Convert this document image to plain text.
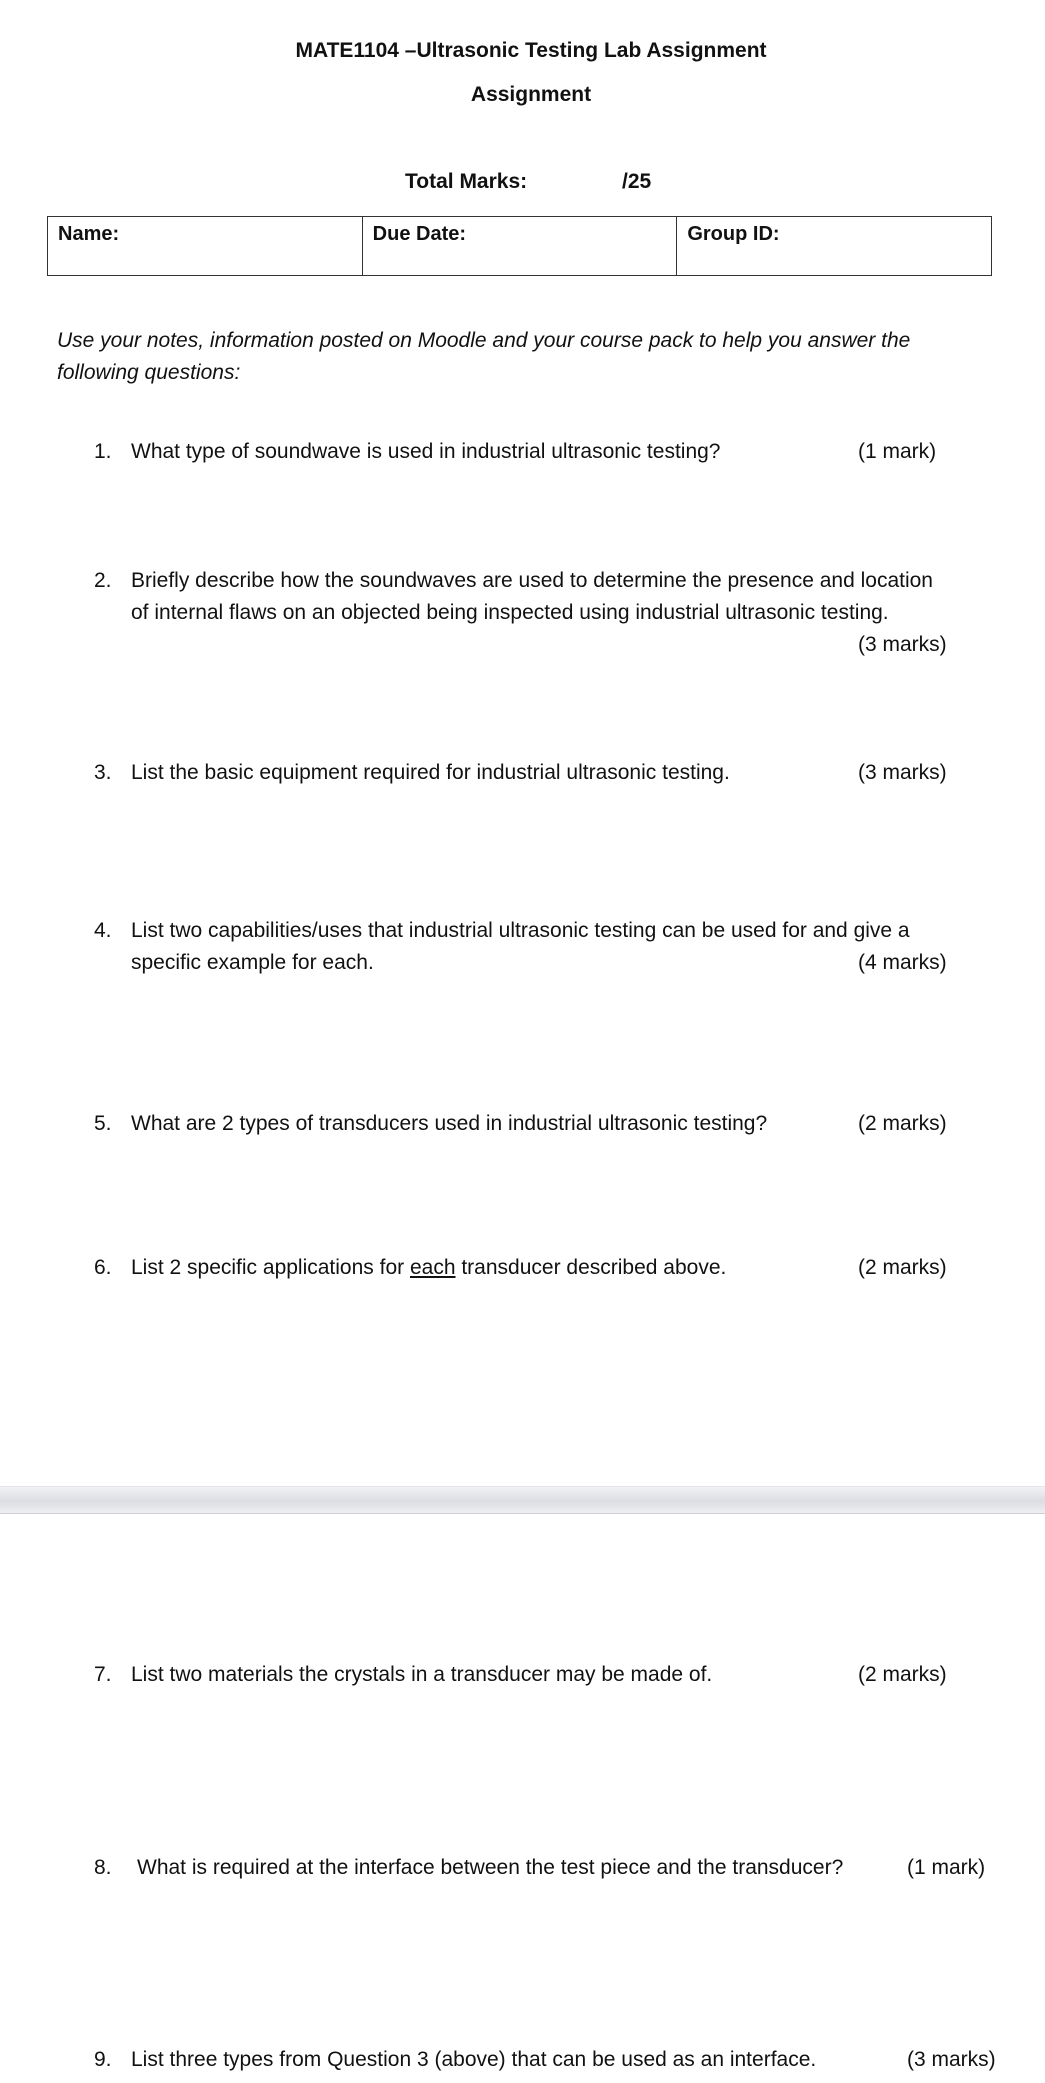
MATE1104 –Ultrasonic Testing Lab Assignment
Assignment
Total Marks:	/25
Name:	Due Date:	Group ID:
Use your notes, information posted on Moodle and your course pack to help you answer the following questions:
1. What type of soundwave is used in industrial ultrasonic testing?	(1 mark)
2. Briefly describe how the soundwaves are used to determine the presence and location
of internal flaws on an objected being inspected using industrial ultrasonic testing.
(3 marks)
3. List the basic equipment required for industrial ultrasonic testing.	(3 marks)
4. List two capabilities/uses that industrial ultrasonic testing can be used for and give a
specific example for each.	(4 marks)
5. What are 2 types of transducers used in industrial ultrasonic testing?	(2 marks)
6. List 2 specific applications for each transducer described above.	(2 marks)
7. List two materials the crystals in a transducer may be made of.	(2 marks)
8. What is required at the interface between the test piece and the transducer?	(1 mark)
9. List three types from Question 3 (above) that can be used as an interface.	(3 marks)
